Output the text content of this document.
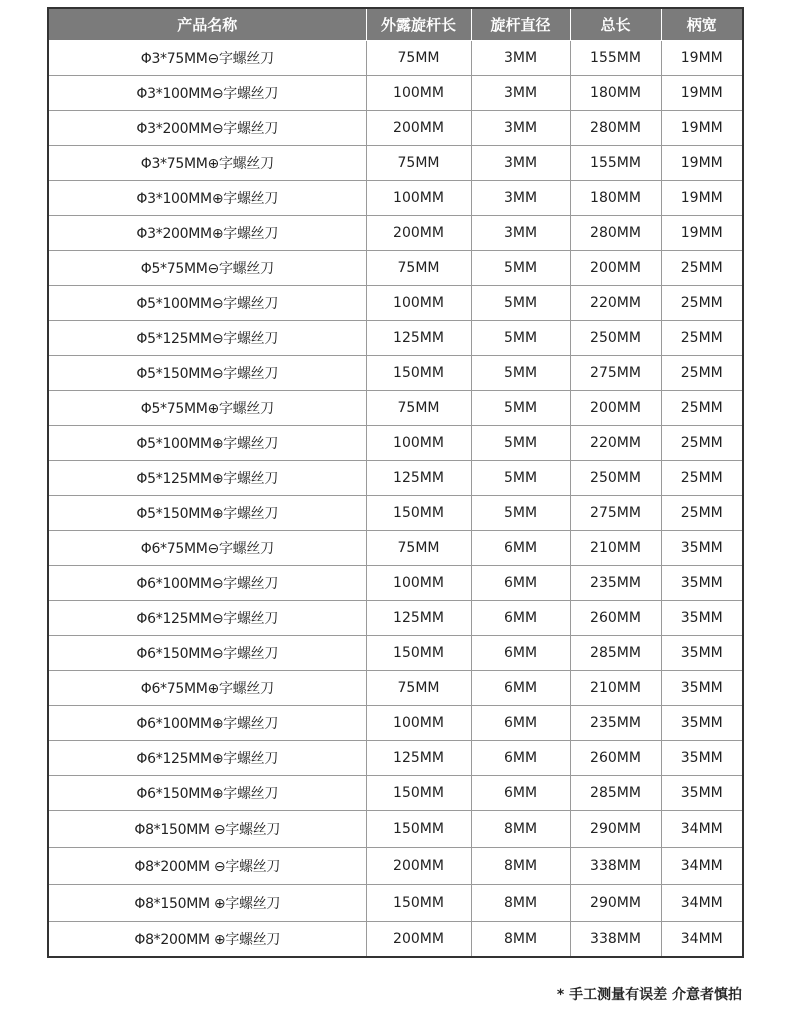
产品名称	外露旋杆长	旋杆直径	总长	柄宽
Φ3*75MM⊖字螺丝刀	75MM	3MM	155MM	19MM
Φ3*100MM⊖字螺丝刀	100MM	3MM	180MM	19MM
Φ3*200MM⊖字螺丝刀	200MM	3MM	280MM	19MM
Φ3*75MM⊕字螺丝刀	75MM	3MM	155MM	19MM
Φ3*100MM⊕字螺丝刀	100MM	3MM	180MM	19MM
Φ3*200MM⊕字螺丝刀	200MM	3MM	280MM	19MM
Φ5*75MM⊖字螺丝刀	75MM	5MM	200MM	25MM
Φ5*100MM⊖字螺丝刀	100MM	5MM	220MM	25MM
Φ5*125MM⊖字螺丝刀	125MM	5MM	250MM	25MM
Φ5*150MM⊖字螺丝刀	150MM	5MM	275MM	25MM
Φ5*75MM⊕字螺丝刀	75MM	5MM	200MM	25MM
Φ5*100MM⊕字螺丝刀	100MM	5MM	220MM	25MM
Φ5*125MM⊕字螺丝刀	125MM	5MM	250MM	25MM
Φ5*150MM⊕字螺丝刀	150MM	5MM	275MM	25MM
Φ6*75MM⊖字螺丝刀	75MM	6MM	210MM	35MM
Φ6*100MM⊖字螺丝刀	100MM	6MM	235MM	35MM
Φ6*125MM⊖字螺丝刀	125MM	6MM	260MM	35MM
Φ6*150MM⊖字螺丝刀	150MM	6MM	285MM	35MM
Φ6*75MM⊕字螺丝刀	75MM	6MM	210MM	35MM
Φ6*100MM⊕字螺丝刀	100MM	6MM	235MM	35MM
Φ6*125MM⊕字螺丝刀	125MM	6MM	260MM	35MM
Φ6*150MM⊕字螺丝刀	150MM	6MM	285MM	35MM
Φ8*150MM ⊖字螺丝刀	150MM	8MM	290MM	34MM
Φ8*200MM ⊖字螺丝刀	200MM	8MM	338MM	34MM
Φ8*150MM ⊕字螺丝刀	150MM	8MM	290MM	34MM
Φ8*200MM ⊕字螺丝刀	200MM	8MM	338MM	34MM
* 手工测量有误差 介意者慎拍
